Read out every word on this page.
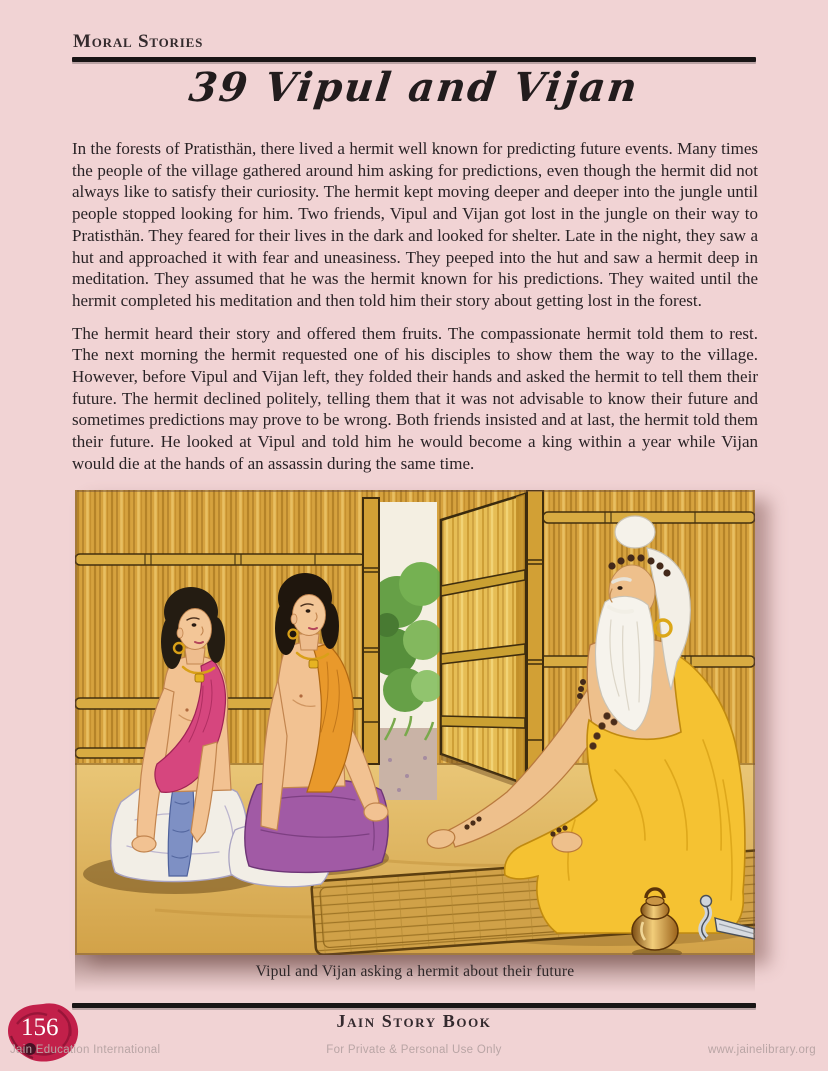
Moral Stories
39 Vipul and Vijan

In the forests of Pratisthän, there lived a hermit well known for predicting future events. Many times the people of the village gathered around him asking for predictions, even though the hermit did not always like to satisfy their curiosity. The hermit kept moving deeper and deeper into the jungle until people stopped looking for him. Two friends, Vipul and Vijan got lost in the jungle on their way to Pratisthän. They feared for their lives in the dark and looked for shelter. Late in the night, they saw a hut and approached it with fear and uneasiness. They peeped into the hut and saw a hermit deep in meditation. They assumed that he was the hermit known for his predictions. They waited until the hermit completed his meditation and then told him their story about getting lost in the forest.

The hermit heard their story and offered them fruits. The compassionate hermit told them to rest. The next morning the hermit requested one of his disciples to show them the way to the village. However, before Vipul and Vijan left, they folded their hands and asked the hermit to tell them their future. The hermit declined politely, telling them that it was not advisable to know their future and sometimes predictions may prove to be wrong. Both friends insisted and at last, the hermit told them their future. He looked at Vipul and told him he would become a king within a year while Vijan would die at the hands of an assassin during the same time.

Vipul and Vijan asking a hermit about their future
Jain Story Book
156
Jain Education International	For Private & Personal Use Only	www.jainelibrary.org
